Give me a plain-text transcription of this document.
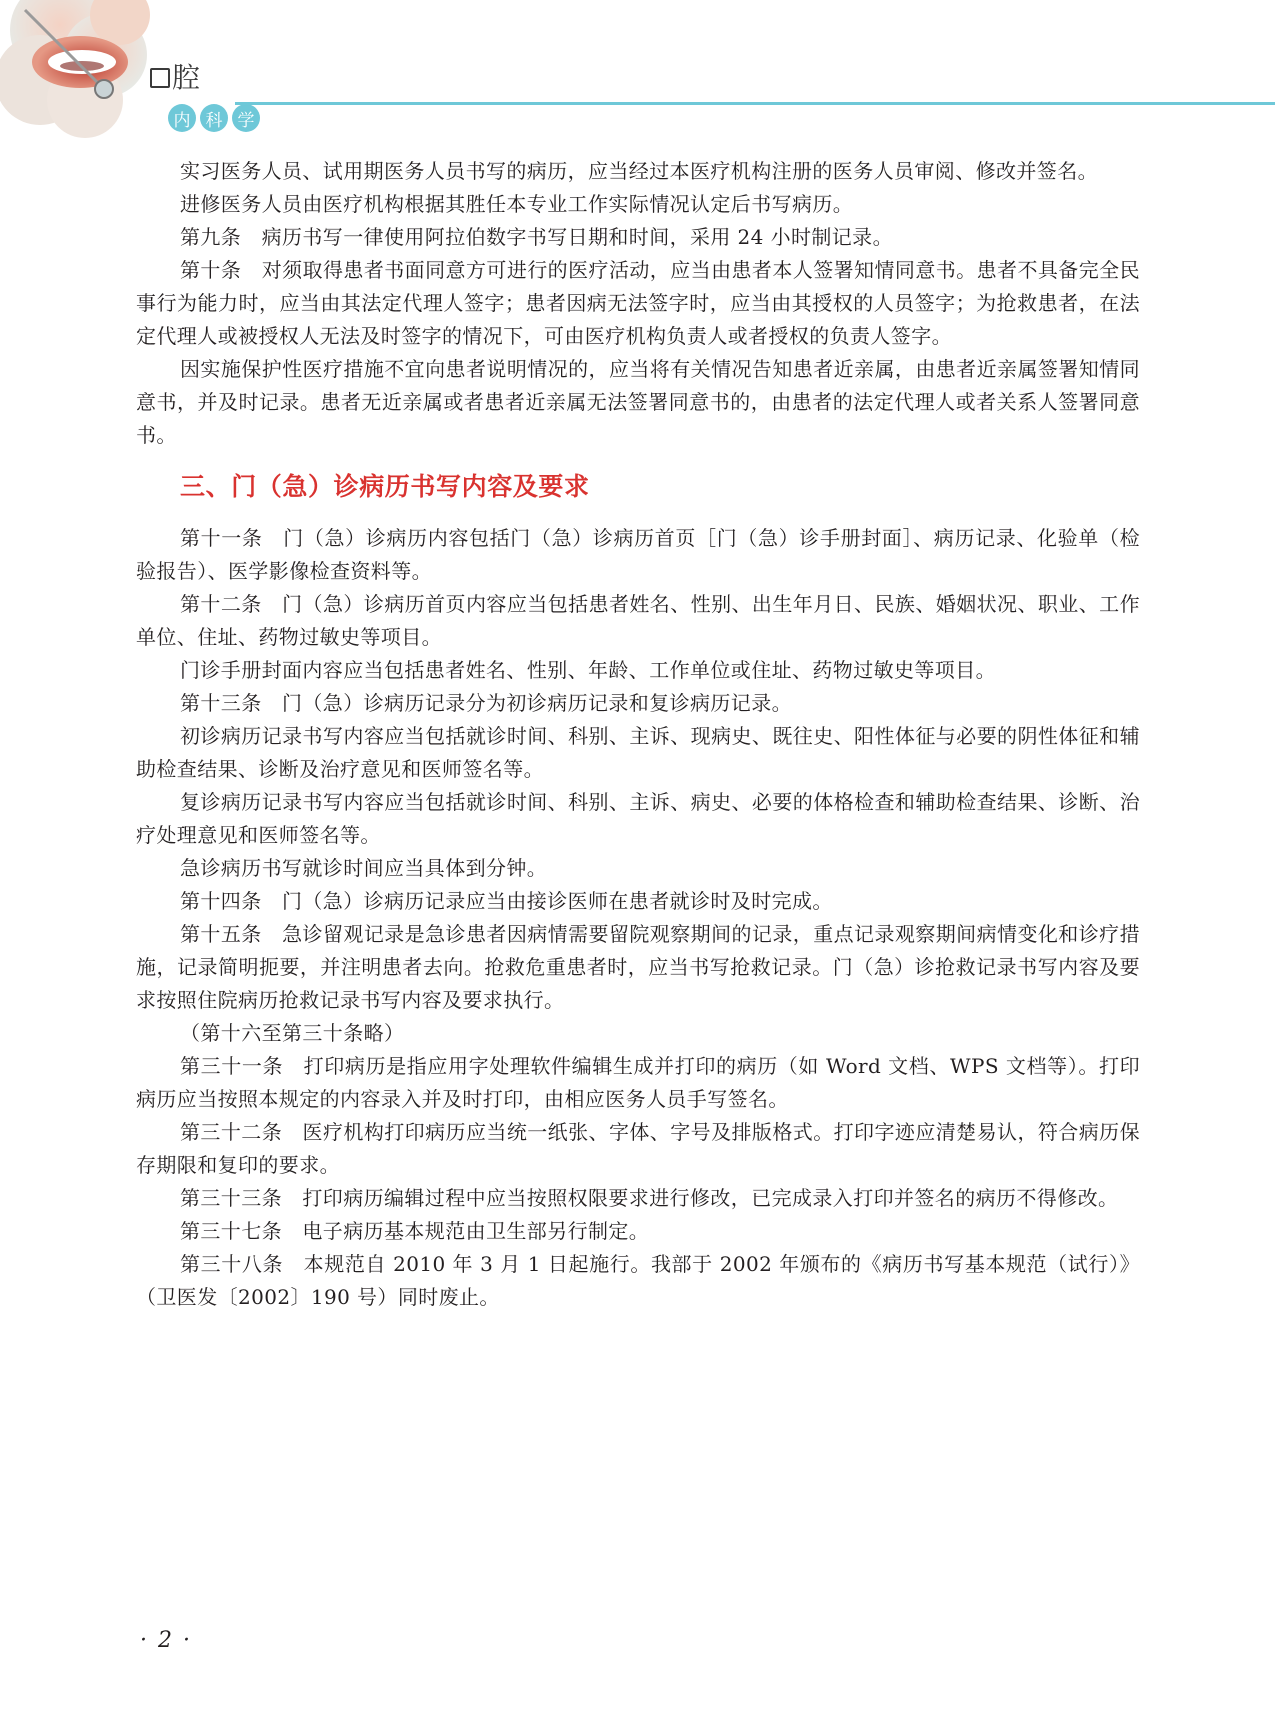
腔
内 科 学

实习医务人员、试用期医务人员书写的病历，应当经过本医疗机构注册的医务人员审阅、修改并签名。

进修医务人员由医疗机构根据其胜任本专业工作实际情况认定后书写病历。

第九条　病历书写一律使用阿拉伯数字书写日期和时间，采用 24 小时制记录。

第十条　对须取得患者书面同意方可进行的医疗活动，应当由患者本人签署知情同意书。患者不具备完全民事行为能力时，应当由其法定代理人签字；患者因病无法签字时，应当由其授权的人员签字；为抢救患者，在法定代理人或被授权人无法及时签字的情况下，可由医疗机构负责人或者授权的负责人签字。

因实施保护性医疗措施不宜向患者说明情况的，应当将有关情况告知患者近亲属，由患者近亲属签署知情同意书，并及时记录。患者无近亲属或者患者近亲属无法签署同意书的，由患者的法定代理人或者关系人签署同意书。

三、门（急）诊病历书写内容及要求

第十一条　门（急）诊病历内容包括门（急）诊病历首页［门（急）诊手册封面］、病历记录、化验单（检验报告）、医学影像检查资料等。

第十二条　门（急）诊病历首页内容应当包括患者姓名、性别、出生年月日、民族、婚姻状况、职业、工作单位、住址、药物过敏史等项目。

门诊手册封面内容应当包括患者姓名、性别、年龄、工作单位或住址、药物过敏史等项目。

第十三条　门（急）诊病历记录分为初诊病历记录和复诊病历记录。

初诊病历记录书写内容应当包括就诊时间、科别、主诉、现病史、既往史、阳性体征与必要的阴性体征和辅助检查结果、诊断及治疗意见和医师签名等。

复诊病历记录书写内容应当包括就诊时间、科别、主诉、病史、必要的体格检查和辅助检查结果、诊断、治疗处理意见和医师签名等。

急诊病历书写就诊时间应当具体到分钟。

第十四条　门（急）诊病历记录应当由接诊医师在患者就诊时及时完成。

第十五条　急诊留观记录是急诊患者因病情需要留院观察期间的记录，重点记录观察期间病情变化和诊疗措施，记录简明扼要，并注明患者去向。抢救危重患者时，应当书写抢救记录。门（急）诊抢救记录书写内容及要求按照住院病历抢救记录书写内容及要求执行。

（第十六至第三十条略）

第三十一条　打印病历是指应用字处理软件编辑生成并打印的病历（如 Word 文档、WPS 文档等）。打印病历应当按照本规定的内容录入并及时打印，由相应医务人员手写签名。

第三十二条　医疗机构打印病历应当统一纸张、字体、字号及排版格式。打印字迹应清楚易认，符合病历保存期限和复印的要求。

第三十三条　打印病历编辑过程中应当按照权限要求进行修改，已完成录入打印并签名的病历不得修改。

第三十七条　电子病历基本规范由卫生部另行制定。

第三十八条　本规范自 2010 年 3 月 1 日起施行。我部于 2002 年颁布的《病历书写基本规范（试行）》（卫医发〔2002〕190 号）同时废止。

· 2 ·
